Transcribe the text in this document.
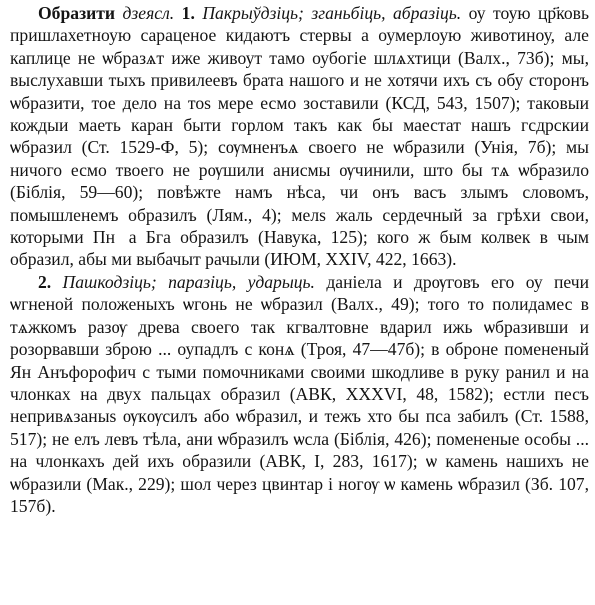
Образити дзеясл. 1. Пакрыўдзіць; зганьбіць, абразіць. оу тоую цр҃ковь пришлахетноую сараценое кидаютъ стервы а оумерлоую животиноу, але каплице не ѡбразѧт иже живоут тамо оубогіе шлѧхтици (Валх., 73б); мы, выслухавши тыхъ привилеевъ брата нашого и не хотячи ихъ съ обу сторонъ ѡбразити, тое дело на тоѕ мере есмо зоставили (КСД, 543, 1507); таковыи кождыи маеть каран быти горлом такъ как бы маестат нашъ гсдрскии ѡбразил (Ст. 1529-Ф, 5); сѹмненъѧ своего не ѡбразили (Унія, 7б); мы ничого есмо твоего не рѹшили анисмы ѹчинили, што бы тѧ ѡбразило (Біблія, 59—60); повѣжте намъ нѣса, чи онъ васъ злымъ словомъ, помышленемъ образилъ (Лям., 4); мелѕ жаль сердечный за грѣхи свои, которыми Пнⷶа Бга образилъ (Навука, 125); кого ж бым колвек в чым образил, абы ми выбачыт рачыли (ИЮМ, XXIV, 422, 1663).

2. Пашкодзіць; паразіць, ударыць. даніела и дрѹговъ его оу печи ѡгненой положеныхъ ѡгонь не ѡбразил (Валх., 49); того то полидамес в тѧжкомъ разѹ древа своего так кгвалтовне вдарил ижь ѡбразивши и розорвавши зброю ... оупадлъ с конѧ (Троя, 47—47б); в оброне помененый Ян Анъфорофич с тыми помочниками своими шкодливе в руку ранил и на члонках на двух пальцах образил (АВК, XXXVI, 48, 1582); естли песъ непривѧзаныѕ ѹкѹсилъ або ѡбразил, и тежъ хто бы пса забилъ (Ст. 1588, 517); не елъ левъ тѣла, ани ѡбразилъ ѡсла (Біблія, 426); помененые особы ... на члонкахъ дей ихъ образили (АВК, I, 283, 1617); ѡ камень нашихъ не ѡбразили (Мак., 229); шол через цвинтар і ногѹ ѡ камень ѡбразил (Зб. 107, 157б).
